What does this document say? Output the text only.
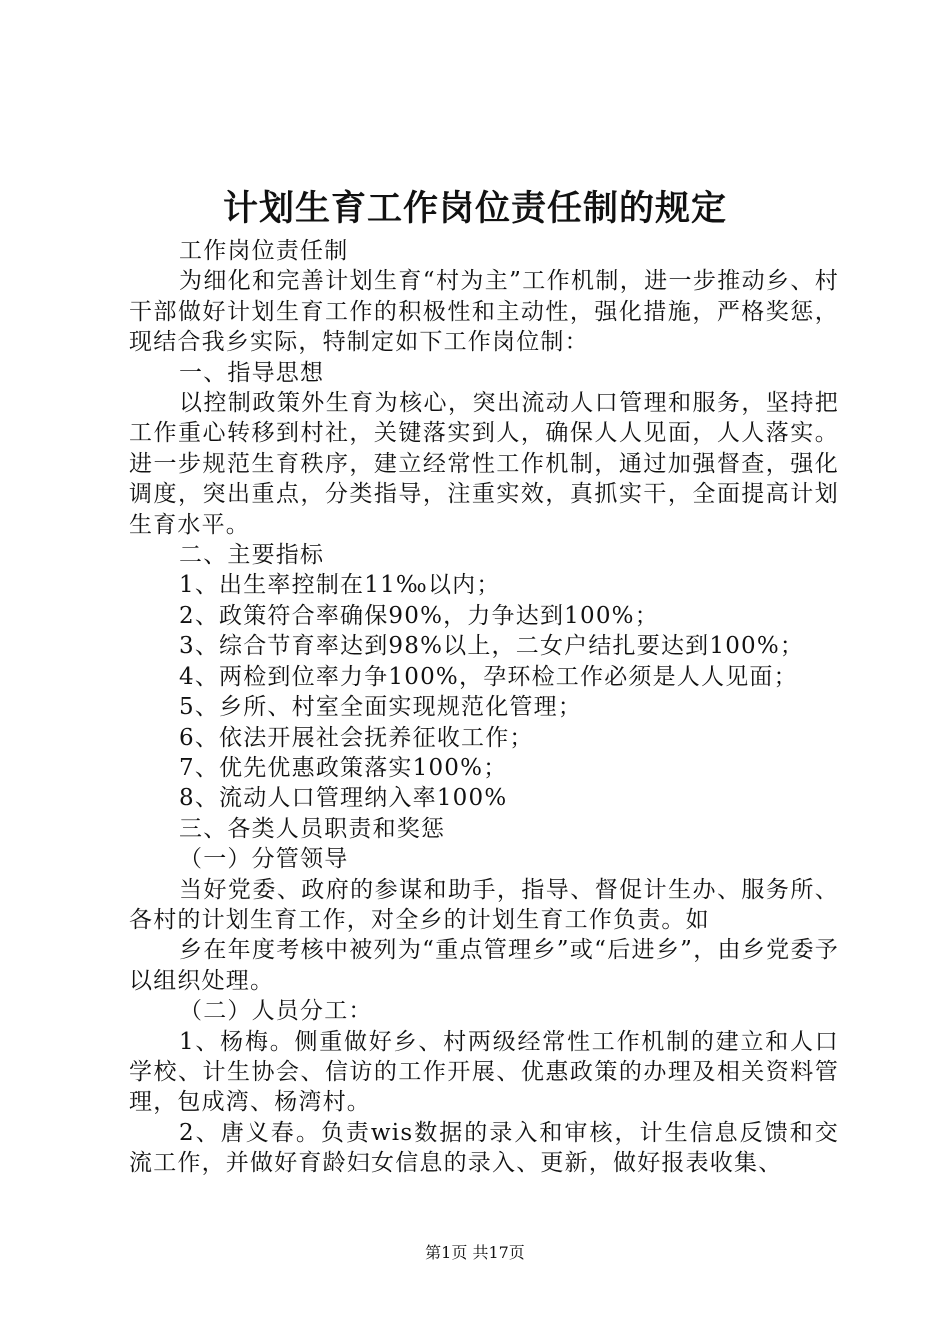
计划生育工作岗位责任制的规定

工作岗位责任制

为细化和完善计划生育“村为主”工作机制，进一步推动乡、村干部做好计划生育工作的积极性和主动性，强化措施，严格奖惩，现结合我乡实际，特制定如下工作岗位制：

一、指导思想

以控制政策外生育为核心，突出流动人口管理和服务，坚持把工作重心转移到村社，关键落实到人，确保人人见面，人人落实。进一步规范生育秩序，建立经常性工作机制，通过加强督查，强化调度，突出重点，分类指导，注重实效，真抓实干，全面提高计划生育水平。

二、主要指标

1、出生率控制在11‰以内；

2、政策符合率确保90%，力争达到100%；

3、综合节育率达到98%以上，二女户结扎要达到100%；

4、两检到位率力争100%，孕环检工作必须是人人见面；

5、乡所、村室全面实现规范化管理；

6、依法开展社会抚养征收工作；

7、优先优惠政策落实100%；

8、流动人口管理纳入率100%

三、各类人员职责和奖惩

（一）分管领导

当好党委、政府的参谋和助手，指导、督促计生办、服务所、各村的计划生育工作，对全乡的计划生育工作负责。如

乡在年度考核中被列为“重点管理乡”或“后进乡”，由乡党委予以组织处理。

（二）人员分工：

1、杨梅。侧重做好乡、村两级经常性工作机制的建立和人口学校、计生协会、信访的工作开展、优惠政策的办理及相关资料管理，包成湾、杨湾村。

2、唐义春。负责wis数据的录入和审核，计生信息反馈和交流工作，并做好育龄妇女信息的录入、更新，做好报表收集、

第1页 共17页
